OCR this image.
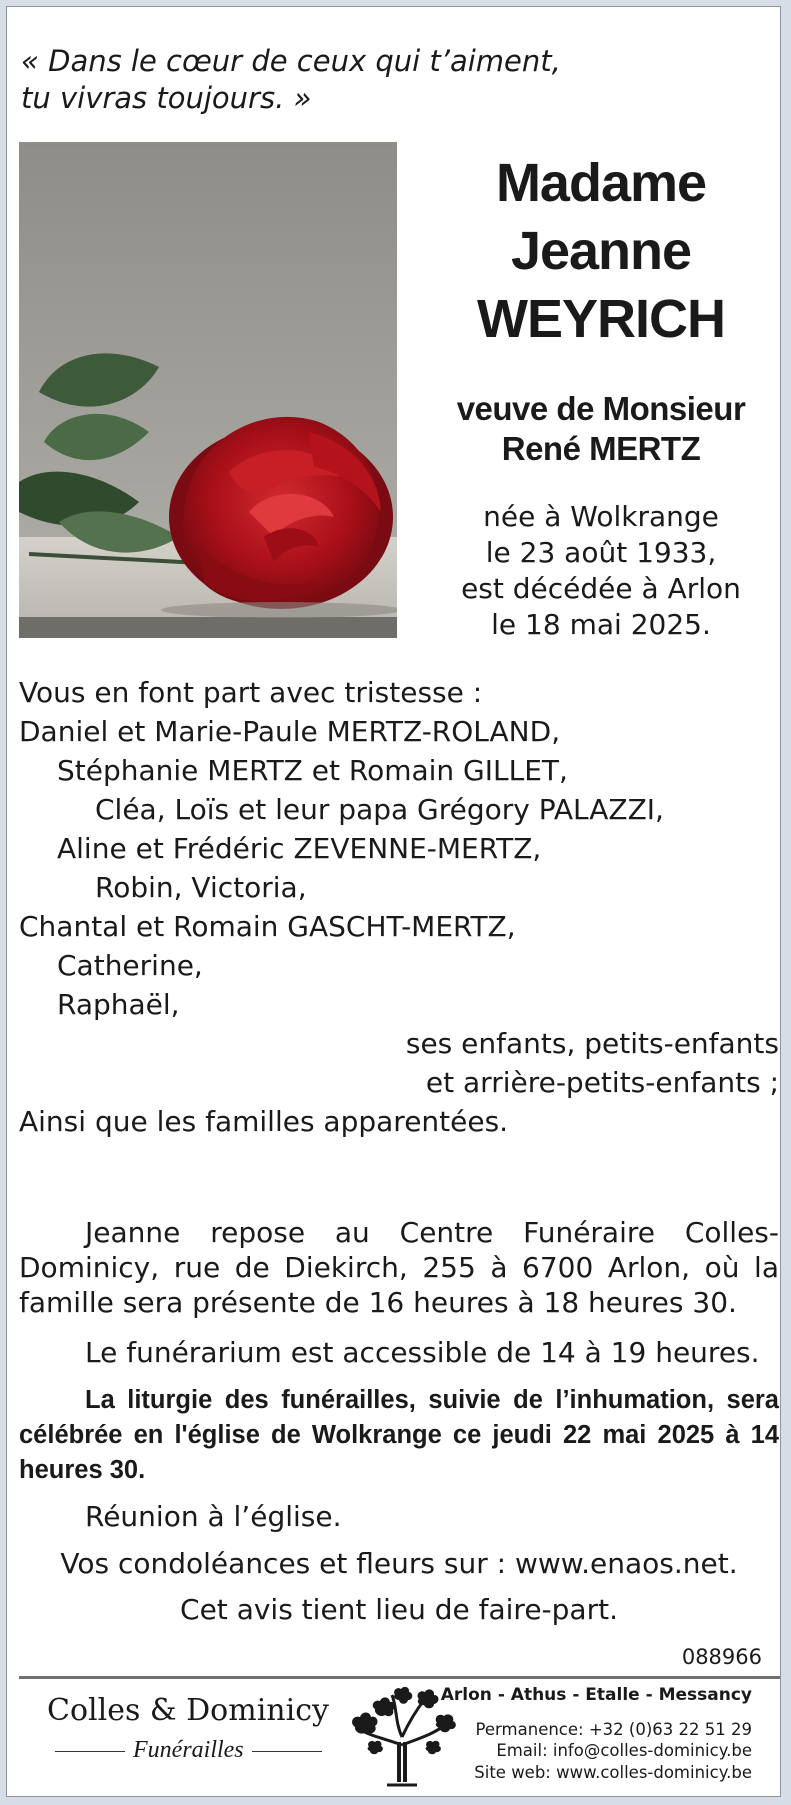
« Dans le cœur de ceux qui t’aiment,
tu vivras toujours. »
Madame
Jeanne
WEYRICH
veuve de Monsieur
René MERTZ
née à Wolkrange
le 23 août 1933,
est décédée à Arlon
le 18 mai 2025.
Vous en font part avec tristesse :
Daniel et Marie-Paule MERTZ-ROLAND,
Stéphanie MERTZ et Romain GILLET,
Cléa, Loïs et leur papa Grégory PALAZZI,
Aline et Frédéric ZEVENNE-MERTZ,
Robin, Victoria,
Chantal et Romain GASCHT-MERTZ,
Catherine,
Raphaël,
ses enfants, petits-enfants
et arrière-petits-enfants ;
Ainsi que les familles apparentées.
Jeanne repose au Centre Funéraire Colles-Dominicy, rue de Diekirch, 255 à 6700 Arlon, où la famille sera présente de 16 heures à 18 heures 30.
Le funérarium est accessible de 14 à 19 heures.
La liturgie des funérailles, suivie de l’inhumation, sera célébrée en l'église de Wolkrange ce jeudi 22 mai 2025 à 14 heures 30.
Réunion à l’église.
Vos condoléances et fleurs sur : www.enaos.net.
Cet avis tient lieu de faire-part.
088966
Colles & Dominicy
Funérailles
Arlon - Athus - Etalle - Messancy
Permanence: +32 (0)63 22 51 29
Email: info@colles-dominicy.be
Site web: www.colles-dominicy.be
